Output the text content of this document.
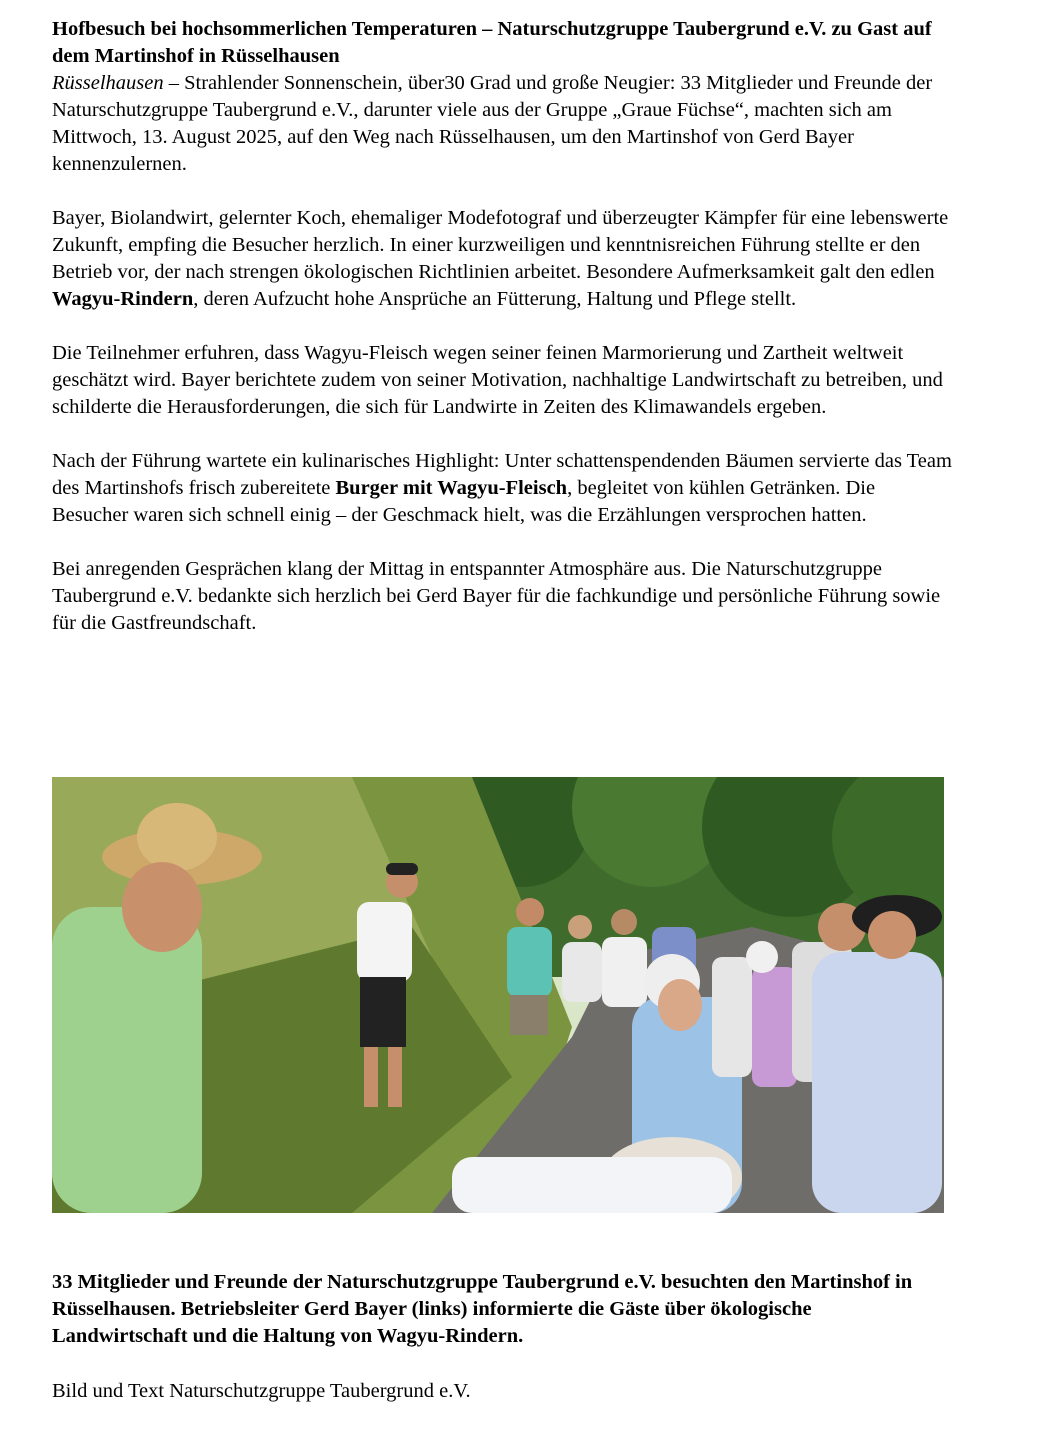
Hofbesuch bei hochsommerlichen Temperaturen – Naturschutzgruppe Taubergrund e.V. zu Gast auf dem Martinshof in Rüsselhausen

Rüsselhausen – Strahlender Sonnenschein, über30 Grad und große Neugier: 33 Mitglieder und Freunde der Naturschutzgruppe Taubergrund e.V., darunter viele aus der Gruppe „Graue Füchse“, machten sich am Mittwoch, 13. August 2025, auf den Weg nach Rüsselhausen, um den Martinshof von Gerd Bayer kennenzulernen.

Bayer, Biolandwirt, gelernter Koch, ehemaliger Modefotograf und überzeugter Kämpfer für eine lebenswerte Zukunft, empfing die Besucher herzlich. In einer kurzweiligen und kenntnisreichen Führung stellte er den Betrieb vor, der nach strengen ökologischen Richtlinien arbeitet. Besondere Aufmerksamkeit galt den edlen Wagyu-Rindern, deren Aufzucht hohe Ansprüche an Fütterung, Haltung und Pflege stellt.

Die Teilnehmer erfuhren, dass Wagyu-Fleisch wegen seiner feinen Marmorierung und Zartheit weltweit geschätzt wird. Bayer berichtete zudem von seiner Motivation, nachhaltige Landwirtschaft zu betreiben, und schilderte die Herausforderungen, die sich für Landwirte in Zeiten des Klimawandels ergeben.

Nach der Führung wartete ein kulinarisches Highlight: Unter schattenspendenden Bäumen servierte das Team des Martinshofs frisch zubereitete Burger mit Wagyu-Fleisch, begleitet von kühlen Getränken. Die Besucher waren sich schnell einig – der Geschmack hielt, was die Erzählungen versprochen hatten.

Bei anregenden Gesprächen klang der Mittag in entspannter Atmosphäre aus. Die Naturschutzgruppe Taubergrund e.V. bedankte sich herzlich bei Gerd Bayer für die fachkundige und persönliche Führung sowie für die Gastfreundschaft.

33 Mitglieder und Freunde der Naturschutzgruppe Taubergrund e.V. besuchten den Martinshof in Rüsselhausen. Betriebsleiter Gerd Bayer (links) informierte die Gäste über ökologische Landwirtschaft und die Haltung von Wagyu-Rindern.

Bild und Text Naturschutzgruppe Taubergrund e.V.
